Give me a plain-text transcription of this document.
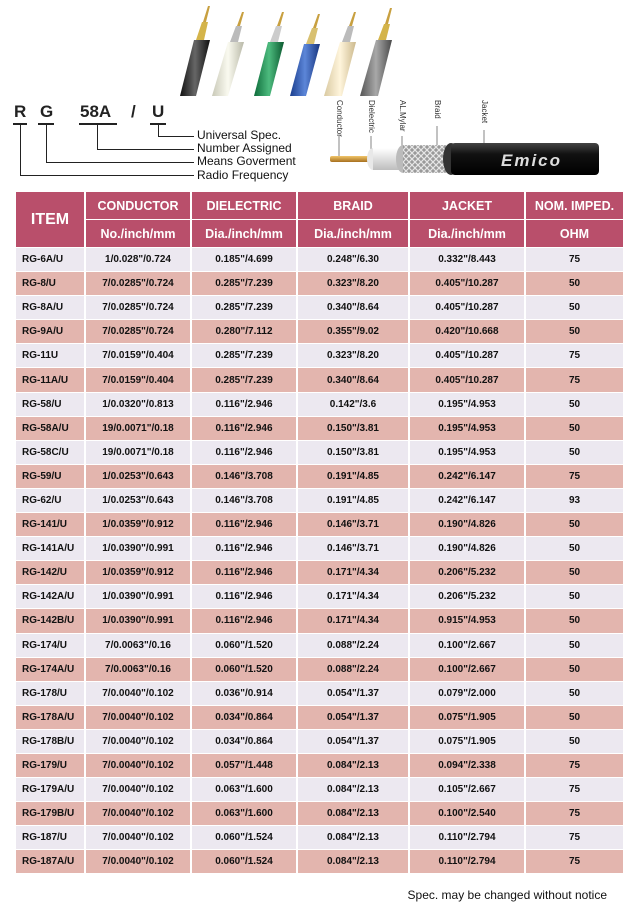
R G 58A / U
Universal Spec.
Number Assigned
Means Goverment
Radio Frequency
Conductor	Dielectric	AL.Mylar	Braid	Jacket
Emico
ITEM	CONDUCTOR	DIELECTRIC	BRAID	JACKET	NOM. IMPED.
	No./inch/mm	Dia./inch/mm	Dia./inch/mm	Dia./inch/mm	OHM
RG-6A/U	1/0.028"/0.724	0.185"/4.699	0.248"/6.30	0.332"/8.443	75
RG-8/U	7/0.0285"/0.724	0.285"/7.239	0.323"/8.20	0.405"/10.287	50
RG-8A/U	7/0.0285"/0.724	0.285"/7.239	0.340"/8.64	0.405"/10.287	50
RG-9A/U	7/0.0285"/0.724	0.280"/7.112	0.355"/9.02	0.420"/10.668	50
RG-11U	7/0.0159"/0.404	0.285"/7.239	0.323"/8.20	0.405"/10.287	75
RG-11A/U	7/0.0159"/0.404	0.285"/7.239	0.340"/8.64	0.405"/10.287	75
RG-58/U	1/0.0320"/0.813	0.116"/2.946	0.142"/3.6	0.195"/4.953	50
RG-58A/U	19/0.0071"/0.18	0.116"/2.946	0.150"/3.81	0.195"/4.953	50
RG-58C/U	19/0.0071"/0.18	0.116"/2.946	0.150"/3.81	0.195"/4.953	50
RG-59/U	1/0.0253"/0.643	0.146"/3.708	0.191"/4.85	0.242"/6.147	75
RG-62/U	1/0.0253"/0.643	0.146"/3.708	0.191"/4.85	0.242"/6.147	93
RG-141/U	1/0.0359"/0.912	0.116"/2.946	0.146"/3.71	0.190"/4.826	50
RG-141A/U	1/0.0390"/0.991	0.116"/2.946	0.146"/3.71	0.190"/4.826	50
RG-142/U	1/0.0359"/0.912	0.116"/2.946	0.171"/4.34	0.206"/5.232	50
RG-142A/U	1/0.0390"/0.991	0.116"/2.946	0.171"/4.34	0.206"/5.232	50
RG-142B/U	1/0.0390"/0.991	0.116"/2.946	0.171"/4.34	0.915"/4.953	50
RG-174/U	7/0.0063"/0.16	0.060"/1.520	0.088"/2.24	0.100"/2.667	50
RG-174A/U	7/0.0063"/0.16	0.060"/1.520	0.088"/2.24	0.100"/2.667	50
RG-178/U	7/0.0040"/0.102	0.036"/0.914	0.054"/1.37	0.079"/2.000	50
RG-178A/U	7/0.0040"/0.102	0.034"/0.864	0.054"/1.37	0.075"/1.905	50
RG-178B/U	7/0.0040"/0.102	0.034"/0.864	0.054"/1.37	0.075"/1.905	50
RG-179/U	7/0.0040"/0.102	0.057"/1.448	0.084"/2.13	0.094"/2.338	75
RG-179A/U	7/0.0040"/0.102	0.063"/1.600	0.084"/2.13	0.105"/2.667	75
RG-179B/U	7/0.0040"/0.102	0.063"/1.600	0.084"/2.13	0.100"/2.540	75
RG-187/U	7/0.0040"/0.102	0.060"/1.524	0.084"/2.13	0.110"/2.794	75
RG-187A/U	7/0.0040"/0.102	0.060"/1.524	0.084"/2.13	0.110"/2.794	75
Spec. may be changed without notice
